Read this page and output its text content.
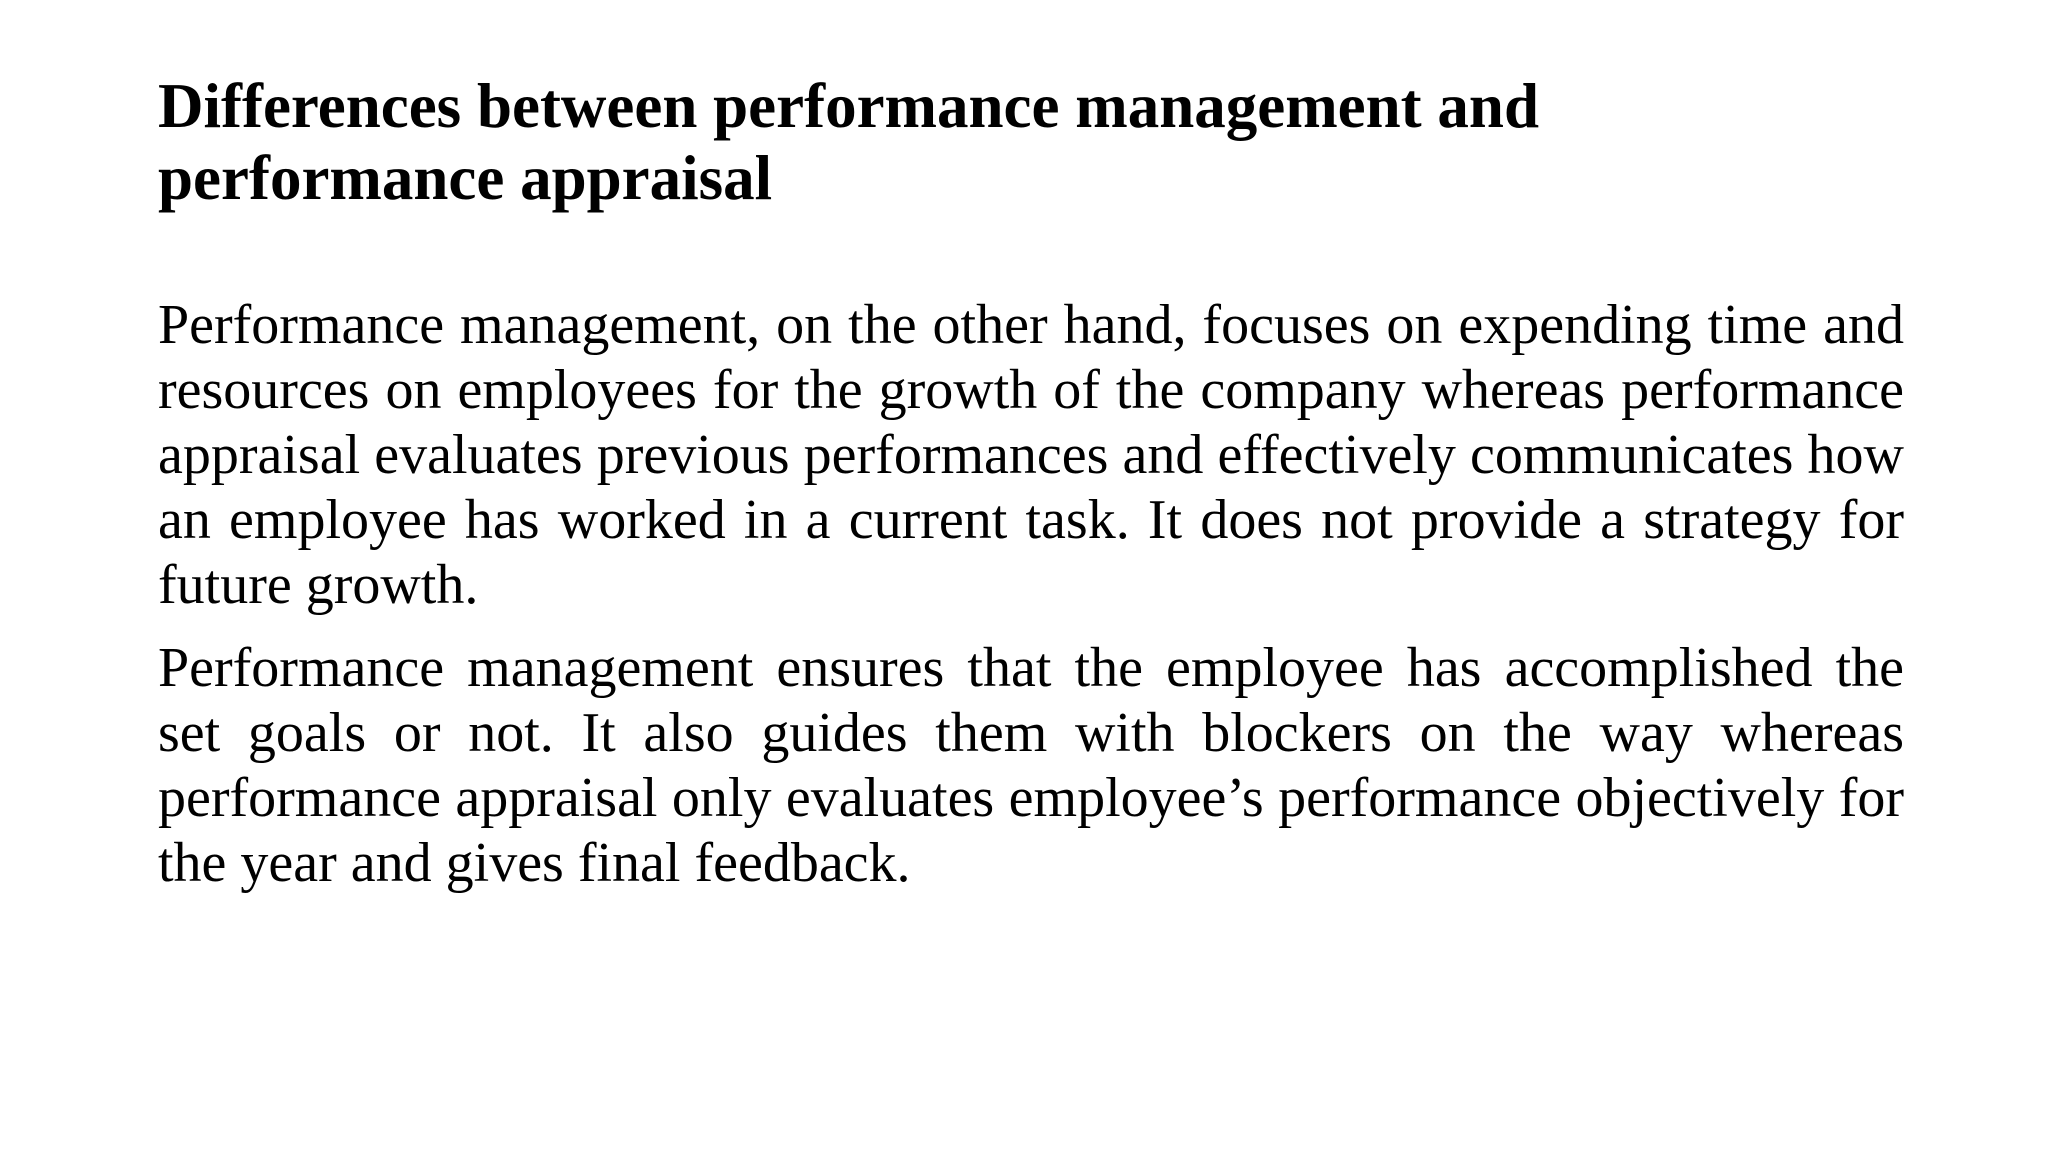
Differences between performance management and performance appraisal

Performance management, on the other hand, focuses on expending time and resources on employees for the growth of the company whereas performance appraisal evaluates previous performances and effectively communicates how an employee has worked in a current task. It does not provide a strategy for future growth.

Performance management ensures that the employee has accomplished the set goals or not. It also guides them with blockers on the way whereas performance appraisal only evaluates employee’s performance objectively for the year and gives final feedback.
